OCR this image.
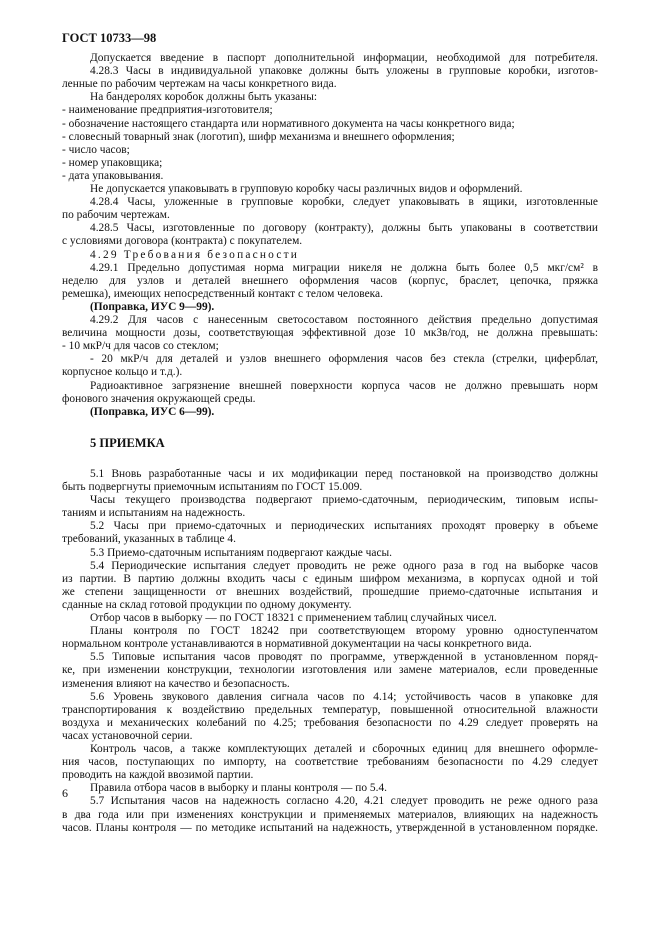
ГОСТ 10733—98
Допускается введение в паспорт дополнительной информации, необходимой для потребителя.
4.28.3 Часы в индивидуальной упаковке должны быть уложены в групповые коробки, изготов-
ленные по рабочим чертежам на часы конкретного вида.
На бандеролях коробок должны быть указаны:
- наименование предприятия-изготовителя;
- обозначение настоящего стандарта или нормативного документа на часы конкретного вида;
- словесный товарный знак (логотип), шифр механизма и внешнего оформления;
- число часов;
- номер упаковщика;
- дата упаковывания.
Не допускается упаковывать в групповую коробку часы различных видов и оформлений.
4.28.4 Часы, уложенные в групповые коробки, следует упаковывать в ящики, изготовленные
по рабочим чертежам.
4.28.5 Часы, изготовленные по договору (контракту), должны быть упакованы в соответствии
с условиями договора (контракта) с покупателем.
4.29 Требования безопасности
4.29.1 Предельно допустимая норма миграции никеля не должна быть более 0,5 мкг/см² в
неделю для узлов и деталей внешнего оформления часов (корпус, браслет, цепочка, пряжка
ремешка), имеющих непосредственный контакт с телом человека.
(Поправка, ИУС 9—99).
4.29.2 Для часов с нанесенным светосоставом постоянного действия предельно допустимая
величина мощности дозы, соответствующая эффективной дозе 10 мкЗв/год, не должна превышать:
- 10 мкР/ч для часов со стеклом;
- 20 мкР/ч для деталей и узлов внешнего оформления часов без стекла (стрелки, циферблат,
корпусное кольцо и т.д.).
Радиоактивное загрязнение внешней поверхности корпуса часов не должно превышать норм
фонового значения окружающей среды.
(Поправка, ИУС 6—99).
5 ПРИЕМКА
5.1 Вновь разработанные часы и их модификации перед постановкой на производство должны
быть подвергнуты приемочным испытаниям по ГОСТ 15.009.
Часы текущего производства подвергают приемо-сдаточным, периодическим, типовым испы-
таниям и испытаниям на надежность.
5.2 Часы при приемо-сдаточных и периодических испытаниях проходят проверку в объеме
требований, указанных в таблице 4.
5.3 Приемо-сдаточным испытаниям подвергают каждые часы.
5.4 Периодические испытания следует проводить не реже одного раза в год на выборке часов
из партии. В партию должны входить часы с единым шифром механизма, в корпусах одной и той
же степени защищенности от внешних воздействий, прошедшие приемо-сдаточные испытания и
сданные на склад готовой продукции по одному документу.
Отбор часов в выборку — по ГОСТ 18321 с применением таблиц случайных чисел.
Планы контроля по ГОСТ 18242 при соответствующем второму уровню одноступенчатом
нормальном контроле устанавливаются в нормативной документации на часы конкретного вида.
5.5 Типовые испытания часов проводят по программе, утвержденной в установленном поряд-
ке, при изменении конструкции, технологии изготовления или замене материалов, если проведенные
изменения влияют на качество и безопасность.
5.6 Уровень звукового давления сигнала часов по 4.14; устойчивость часов в упаковке для
транспортирования к воздействию предельных температур, повышенной относительной влажности
воздуха и механических колебаний по 4.25; требования безопасности по 4.29 следует проверять на
часах установочной серии.
Контроль часов, а также комплектующих деталей и сборочных единиц для внешнего оформле-
ния часов, поступающих по импорту, на соответствие требованиям безопасности по 4.29 следует
проводить на каждой ввозимой партии.
Правила отбора часов в выборку и планы контроля — по 5.4.
5.7 Испытания часов на надежность согласно 4.20, 4.21 следует проводить не реже одного раза
в два года или при изменениях конструкции и применяемых материалов, влияющих на надежность
часов. Планы контроля — по методике испытаний на надежность, утвержденной в установленном порядке.
6
